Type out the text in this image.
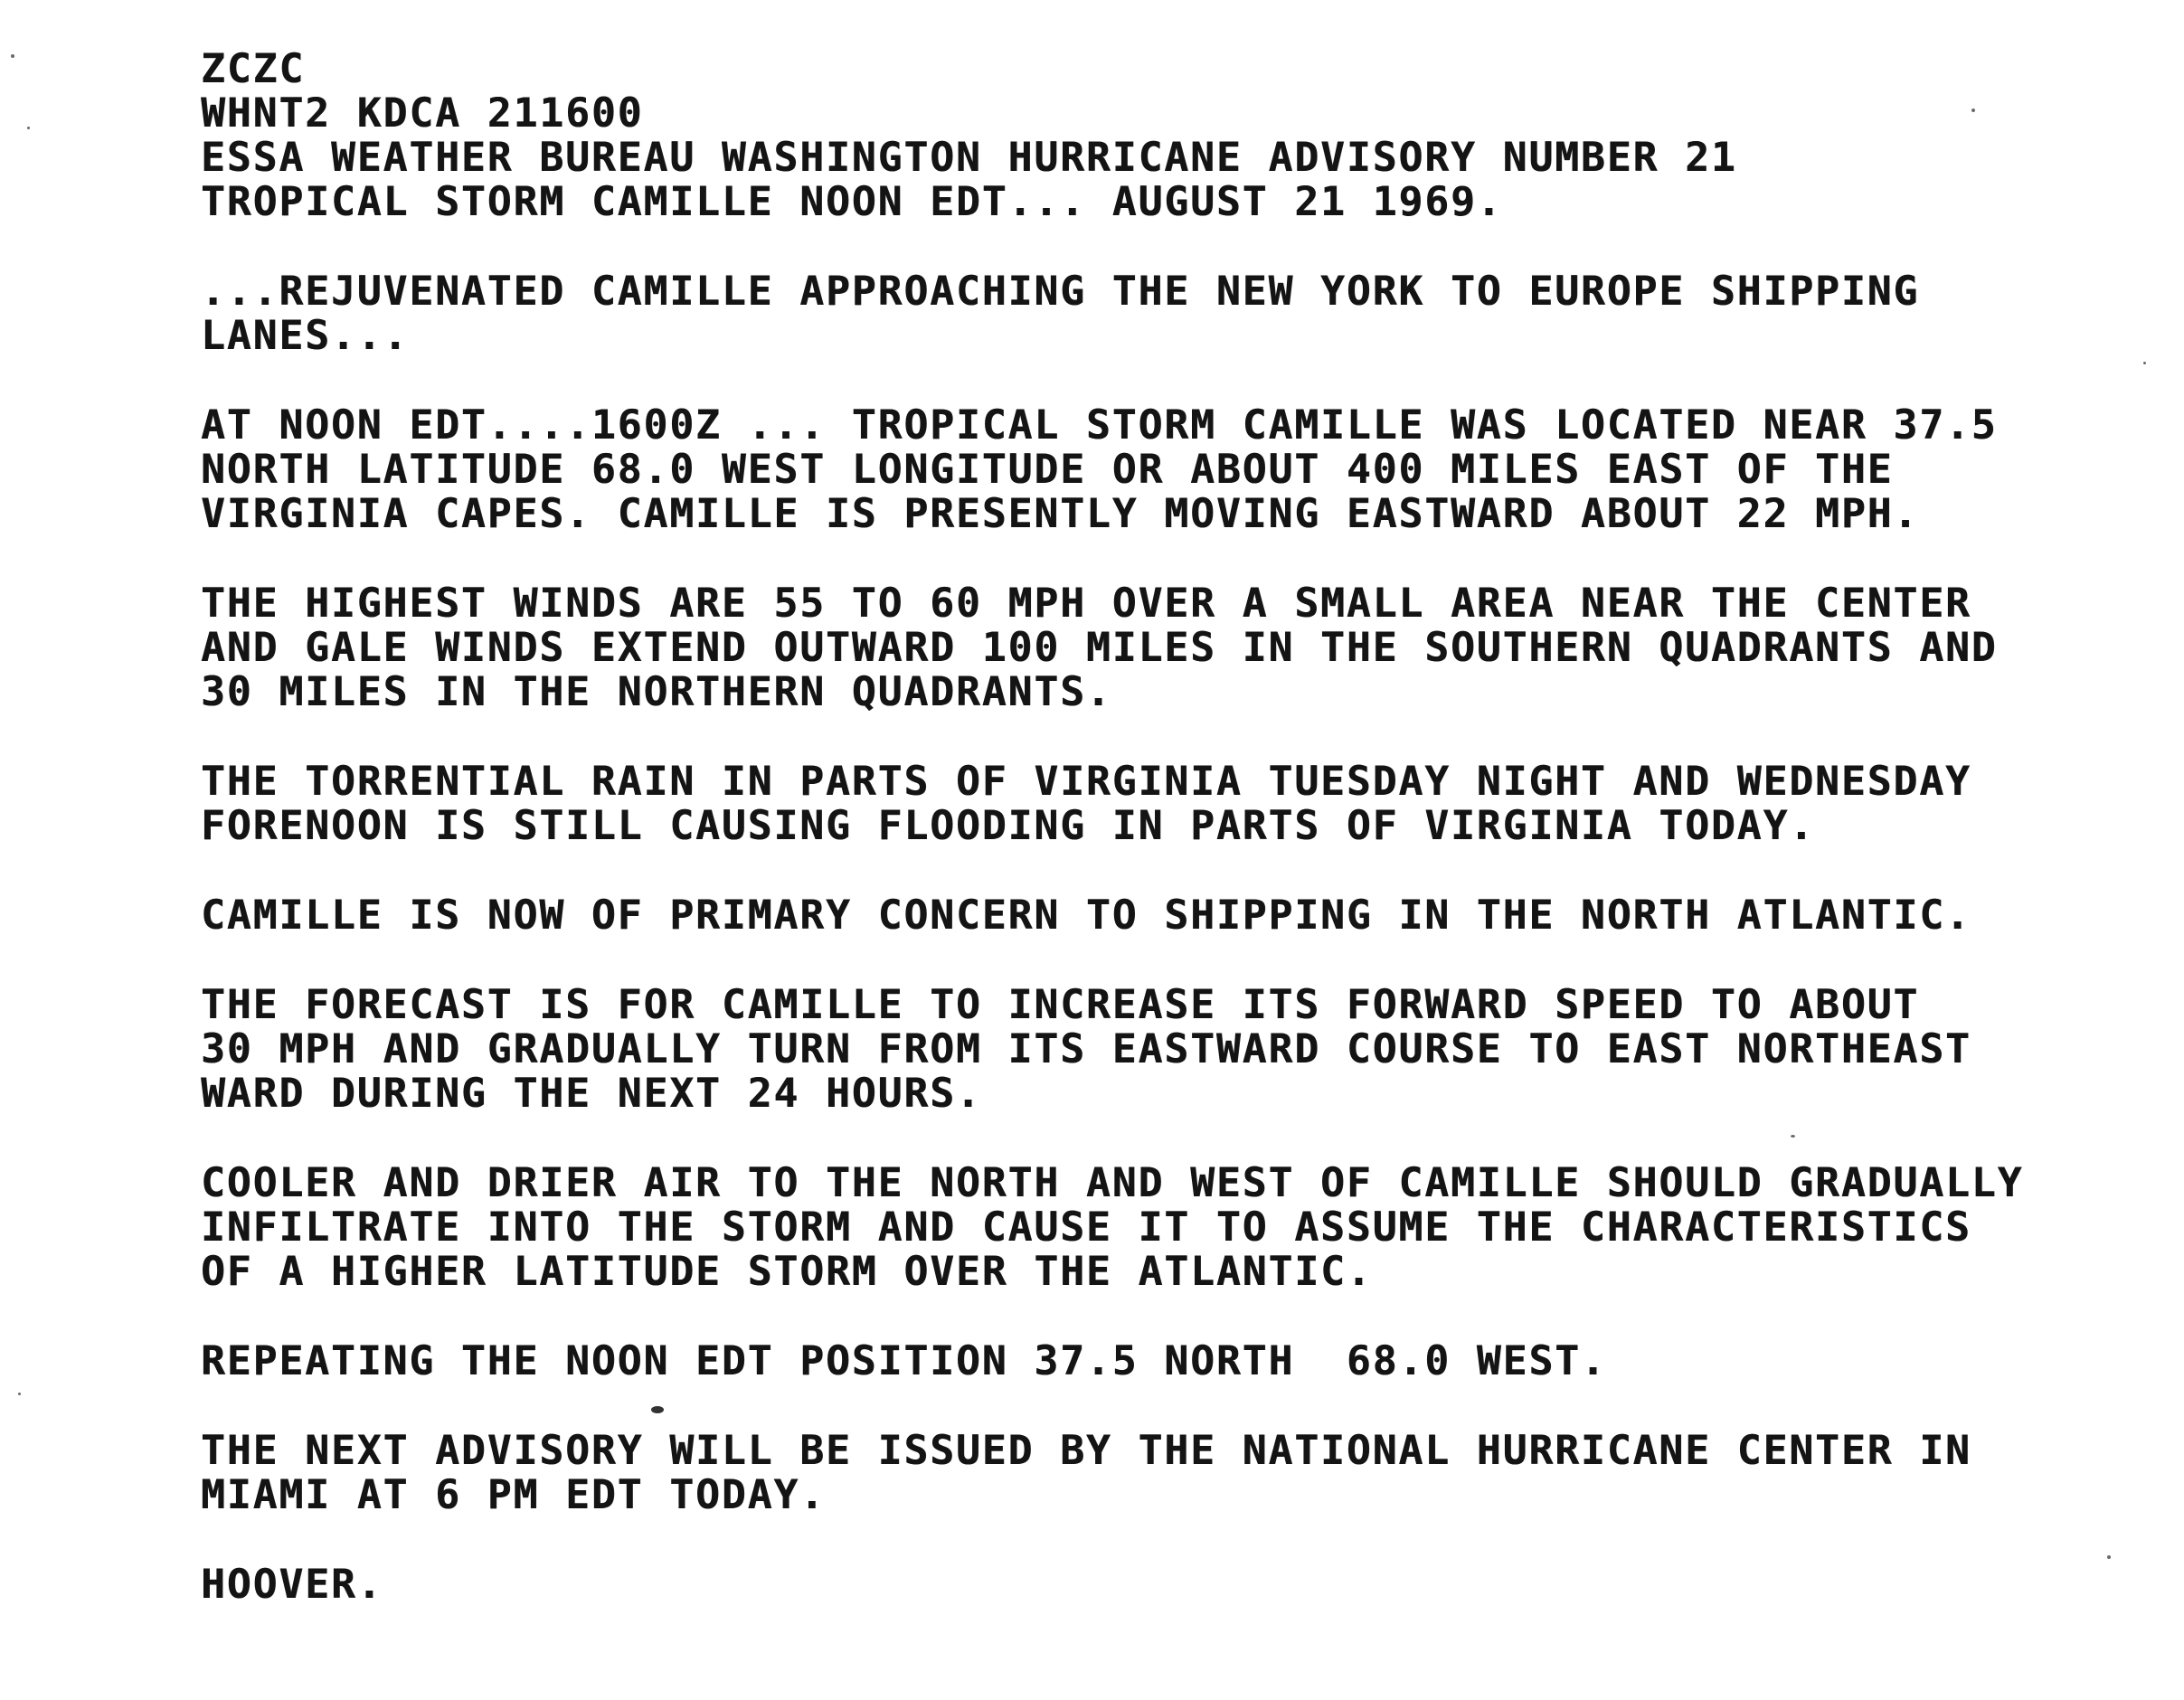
ZCZC
WHNT2 KDCA 211600
ESSA WEATHER BUREAU WASHINGTON HURRICANE ADVISORY NUMBER 21
TROPICAL STORM CAMILLE NOON EDT... AUGUST 21 1969.
...REJUVENATED CAMILLE APPROACHING THE NEW YORK TO EUROPE SHIPPING
LANES...
AT NOON EDT....1600Z ... TROPICAL STORM CAMILLE WAS LOCATED NEAR 37.5
NORTH LATITUDE 68.0 WEST LONGITUDE OR ABOUT 400 MILES EAST OF THE
VIRGINIA CAPES. CAMILLE IS PRESENTLY MOVING EASTWARD ABOUT 22 MPH.
THE HIGHEST WINDS ARE 55 TO 60 MPH OVER A SMALL AREA NEAR THE CENTER
AND GALE WINDS EXTEND OUTWARD 100 MILES IN THE SOUTHERN QUADRANTS AND
30 MILES IN THE NORTHERN QUADRANTS.
THE TORRENTIAL RAIN IN PARTS OF VIRGINIA TUESDAY NIGHT AND WEDNESDAY
FORENOON IS STILL CAUSING FLOODING IN PARTS OF VIRGINIA TODAY.
CAMILLE IS NOW OF PRIMARY CONCERN TO SHIPPING IN THE NORTH ATLANTIC.
THE FORECAST IS FOR CAMILLE TO INCREASE ITS FORWARD SPEED TO ABOUT
30 MPH AND GRADUALLY TURN FROM ITS EASTWARD COURSE TO EAST NORTHEAST
WARD DURING THE NEXT 24 HOURS.
COOLER AND DRIER AIR TO THE NORTH AND WEST OF CAMILLE SHOULD GRADUALLY
INFILTRATE INTO THE STORM AND CAUSE IT TO ASSUME THE CHARACTERISTICS
OF A HIGHER LATITUDE STORM OVER THE ATLANTIC.
REPEATING THE NOON EDT POSITION 37.5 NORTH  68.0 WEST.
THE NEXT ADVISORY WILL BE ISSUED BY THE NATIONAL HURRICANE CENTER IN
MIAMI AT 6 PM EDT TODAY.
HOOVER.
